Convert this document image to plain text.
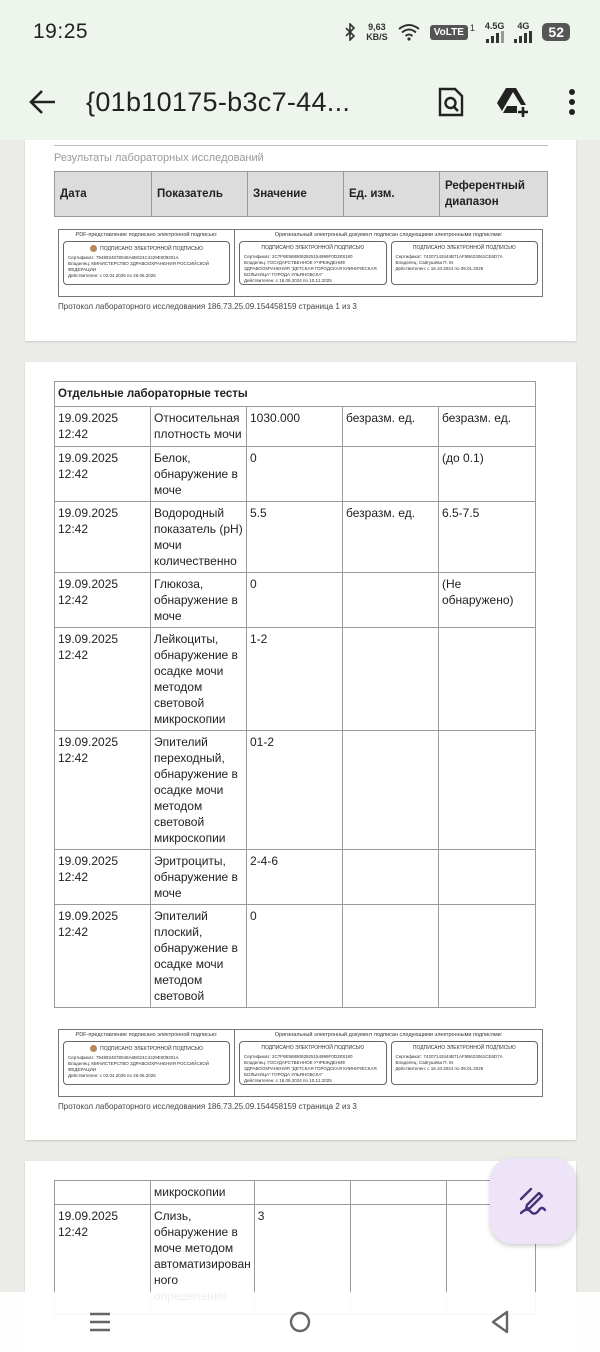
19:25	9,63
KB/S	VoLTE 1 4.5G 4G	52
{01b10175-b3c7-44...
Результаты лабораторных исследований
Дата	Показатель	Значение	Ед. изм.	Референтный диапазон
PDF-представление подписано электронной подписью:
ПОДПИСАНО ЭЛЕКТРОННОЙ ПОДПИСЬЮ
Сертификат: 7548824578048A6B024C4429E009201A
Владелец: МИНИСТЕРСТВО ЗДРАВООХРАНЕНИЯ РОССИЙСКОЙ ФЕДЕРАЦИИ
Действителен: с 02.04.2025 по 26.06.2026
Оригинальный электронный документ подписан следующими электронными подписями:
ПОДПИСАНО ЭЛЕКТРОННОЙ ПОДПИСЬЮ
Сертификат: 2C7F9E5689093925154999F0D2E8180
Владелец: ГОСУДАРСТВЕННОЕ УЧРЕЖДЕНИЕ ЗДРАВООХРАНЕНИЯ "ДЕТСКАЯ ГОРОДСКАЯ КЛИНИЧЕСКАЯ БОЛЬНИЦА" ГОРОДА УЛЬЯНОВСКА"
Действителен: с 16.09.2024 по 10.12.2025
ПОДПИСАНО ЭЛЕКТРОННОЙ ПОДПИСЬЮ
Сертификат: 74207143444B71AF9B623061CE6D7A
Владелец: Сайгушева П. М.
Действителен: с 16.10.2024 по 09.01.2026
Протокол лабораторного исследования 186.73.25.09.154458159 страница 1 из 3
Отдельные лабораторные тесты				
19.09.2025 12:42	Относительная плотность мочи	1030.000	безразм. ед.	безразм. ед.
19.09.2025 12:42	Белок, обнаружение в моче	0		(до 0.1)
19.09.2025 12:42	Водородный показатель (pH) мочи количественно	5.5	безразм. ед.	6.5-7.5
19.09.2025 12:42	Глюкоза, обнаружение в моче	0		(Не обнаружено)
19.09.2025 12:42	Лейкоциты, обнаружение в осадке мочи методом световой микроскопии	1-2		
19.09.2025 12:42	Эпителий переходный, обнаружение в осадке мочи методом световой микроскопии	01-2		
19.09.2025 12:42	Эритроциты, обнаружение в моче	2-4-6		
19.09.2025 12:42	Эпителий плоский, обнаружение в осадке мочи методом световой	0		
PDF-представление подписано электронной подписью:
ПОДПИСАНО ЭЛЕКТРОННОЙ ПОДПИСЬЮ
Сертификат: 7548824578048A6B024C4429E009201A
Владелец: МИНИСТЕРСТВО ЗДРАВООХРАНЕНИЯ РОССИЙСКОЙ ФЕДЕРАЦИИ
Действителен: с 02.04.2025 по 26.06.2026
Оригинальный электронный документ подписан следующими электронными подписями:
ПОДПИСАНО ЭЛЕКТРОННОЙ ПОДПИСЬЮ
Сертификат: 2C7F9E5689093925154999F0D2E8180
Владелец: ГОСУДАРСТВЕННОЕ УЧРЕЖДЕНИЕ ЗДРАВООХРАНЕНИЯ "ДЕТСКАЯ ГОРОДСКАЯ КЛИНИЧЕСКАЯ БОЛЬНИЦА" ГОРОДА УЛЬЯНОВСКА"
Действителен: с 16.09.2024 по 10.12.2025
ПОДПИСАНО ЭЛЕКТРОННОЙ ПОДПИСЬЮ
Сертификат: 74207143444B71AF9B623061CE6D7A
Владелец: Сайгушева П. М.
Действителен: с 16.10.2024 по 09.01.2026
Протокол лабораторного исследования 186.73.25.09.154458159 страница 2 из 3
	микроскопии			
19.09.2025 12:42	Слизь, обнаружение в моче методом автоматизирован ного	3		
